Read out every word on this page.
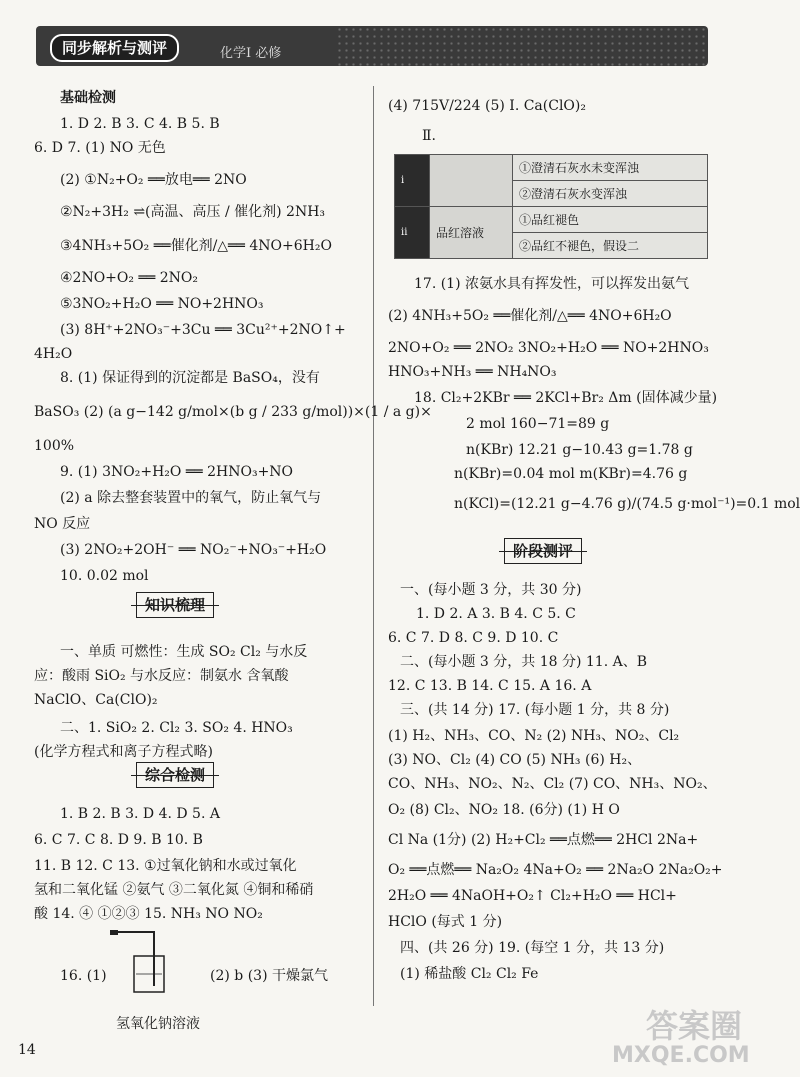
同步解析与测评	化学Ⅰ 必修
基础检测
1. D 2. B 3. C 4. B 5. B
6. D 7. (1) NO 无色
(2) ①N₂+O₂ ══放电══ 2NO
②N₂+3H₂ ⇌(高温、高压 / 催化剂) 2NH₃
③4NH₃+5O₂ ══催化剂/△══ 4NO+6H₂O
④2NO+O₂ ══ 2NO₂
⑤3NO₂+H₂O ══ NO+2HNO₃
(3) 8H⁺+2NO₃⁻+3Cu ══ 3Cu²⁺+2NO↑+
4H₂O
8. (1) 保证得到的沉淀都是 BaSO₄，没有
BaSO₃ (2) (a g−142 g/mol×(b g / 233 g/mol))×(1 / a g)×
100%
9. (1) 3NO₂+H₂O ══ 2HNO₃+NO
(2) a 除去整套装置中的氧气，防止氧气与
NO 反应
(3) 2NO₂+2OH⁻ ══ NO₂⁻+NO₃⁻+H₂O
10. 0.02 mol
一、单质 可燃性：生成 SO₂ Cl₂ 与水反
应：酸雨 SiO₂ 与水反应：制氨水 含氧酸
NaClO、Ca(ClO)₂
二、1. SiO₂ 2. Cl₂ 3. SO₂ 4. HNO₃
(化学方程式和离子方程式略)
1. B 2. B 3. D 4. D 5. A
6. C 7. C 8. D 9. B 10. B
11. B 12. C 13. ①过氧化钠和水或过氧化
氢和二氧化锰 ②氨气 ③二氧化氮 ④铜和稀硝
酸 14. ④ ①②③ 15. NH₃ NO NO₂
16. (1)	(2) b (3) 干燥氯气
氢氧化钠溶液
知识梳理
综合检测
(4) 715V/224 (5) Ⅰ. Ca(ClO)₂
Ⅱ.
17. (1) 浓氨水具有挥发性，可以挥发出氨气
(2) 4NH₃+5O₂ ══催化剂/△══ 4NO+6H₂O
2NO+O₂ ══ 2NO₂ 3NO₂+H₂O ══ NO+2HNO₃
HNO₃+NH₃ ══ NH₄NO₃
18. Cl₂+2KBr ══ 2KCl+Br₂ Δm (固体减少量)
2 mol 160−71=89 g
n(KBr) 12.21 g−10.43 g=1.78 g
n(KBr)=0.04 mol m(KBr)=4.76 g
n(KCl)=(12.21 g−4.76 g)/(74.5 g·mol⁻¹)=0.1 mol
一、(每小题 3 分，共 30 分)
1. D 2. A 3. B 4. C 5. C
6. C 7. D 8. C 9. D 10. C
二、(每小题 3 分，共 18 分) 11. A、B
12. C 13. B 14. C 15. A 16. A
三、(共 14 分) 17. (每小题 1 分，共 8 分)
(1) H₂、NH₃、CO、N₂ (2) NH₃、NO₂、Cl₂
(3) NO、Cl₂ (4) CO (5) NH₃ (6) H₂、
CO、NH₃、NO₂、N₂、Cl₂ (7) CO、NH₃、NO₂、
O₂ (8) Cl₂、NO₂ 18. (6分) (1) H O
Cl Na (1分) (2) H₂+Cl₂ ══点燃══ 2HCl 2Na+
O₂ ══点燃══ Na₂O₂ 4Na+O₂ ══ 2Na₂O 2Na₂O₂+
2H₂O ══ 4NaOH+O₂↑ Cl₂+H₂O ══ HCl+
HClO (每式 1 分)
四、(共 26 分) 19. (每空 1 分，共 13 分)
(1) 稀盐酸 Cl₂ Cl₂ Fe
阶段测评
i		①澄清石灰水未变浑浊
		②澄清石灰水变浑浊
ii	品红溶液	①品红褪色
		②品红不褪色，假设二
14
答案圈
MXQE.COM
